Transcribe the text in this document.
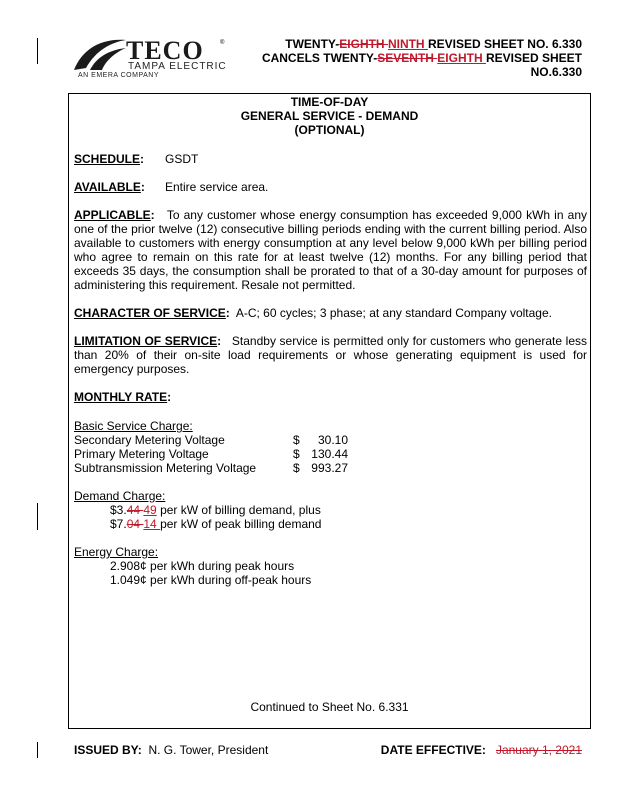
TECO	®
TAMPA ELECTRIC
AN EMERA COMPANY
TWENTY-EIGHTH NINTH REVISED SHEET NO. 6.330
CANCELS TWENTY-SEVENTH EIGHTH REVISED SHEET
NO.6.330
TIME-OF-DAY
GENERAL SERVICE - DEMAND
(OPTIONAL)
SCHEDULE: GSDT
AVAILABLE: Entire service area.
APPLICABLE: To any customer whose energy consumption has exceeded 9,000 kWh in any one of the prior twelve (12) consecutive billing periods ending with the current billing period. Also available to customers with energy consumption at any level below 9,000 kWh per billing period who agree to remain on this rate for at least twelve (12) months. For any billing period that exceeds 35 days, the consumption shall be prorated to that of a 30-day amount for purposes of administering this requirement. Resale not permitted.
CHARACTER OF SERVICE: A-C; 60 cycles; 3 phase; at any standard Company voltage.
LIMITATION OF SERVICE: Standby service is permitted only for customers who generate less than 20% of their on-site load requirements or whose generating equipment is used for emergency purposes.
MONTHLY RATE:
Basic Service Charge:
Secondary Metering Voltage	$ 30.10
Primary Metering Voltage	$ 130.44
Subtransmission Metering Voltage	$ 993.27
Demand Charge:
$3.44 49 per kW of billing demand, plus
$7.04 14 per kW of peak billing demand
Energy Charge:
2.908¢ per kWh during peak hours
1.049¢ per kWh during off-peak hours
Continued to Sheet No. 6.331
ISSUED BY: N. G. Tower, President	DATE EFFECTIVE: January 1, 2021
